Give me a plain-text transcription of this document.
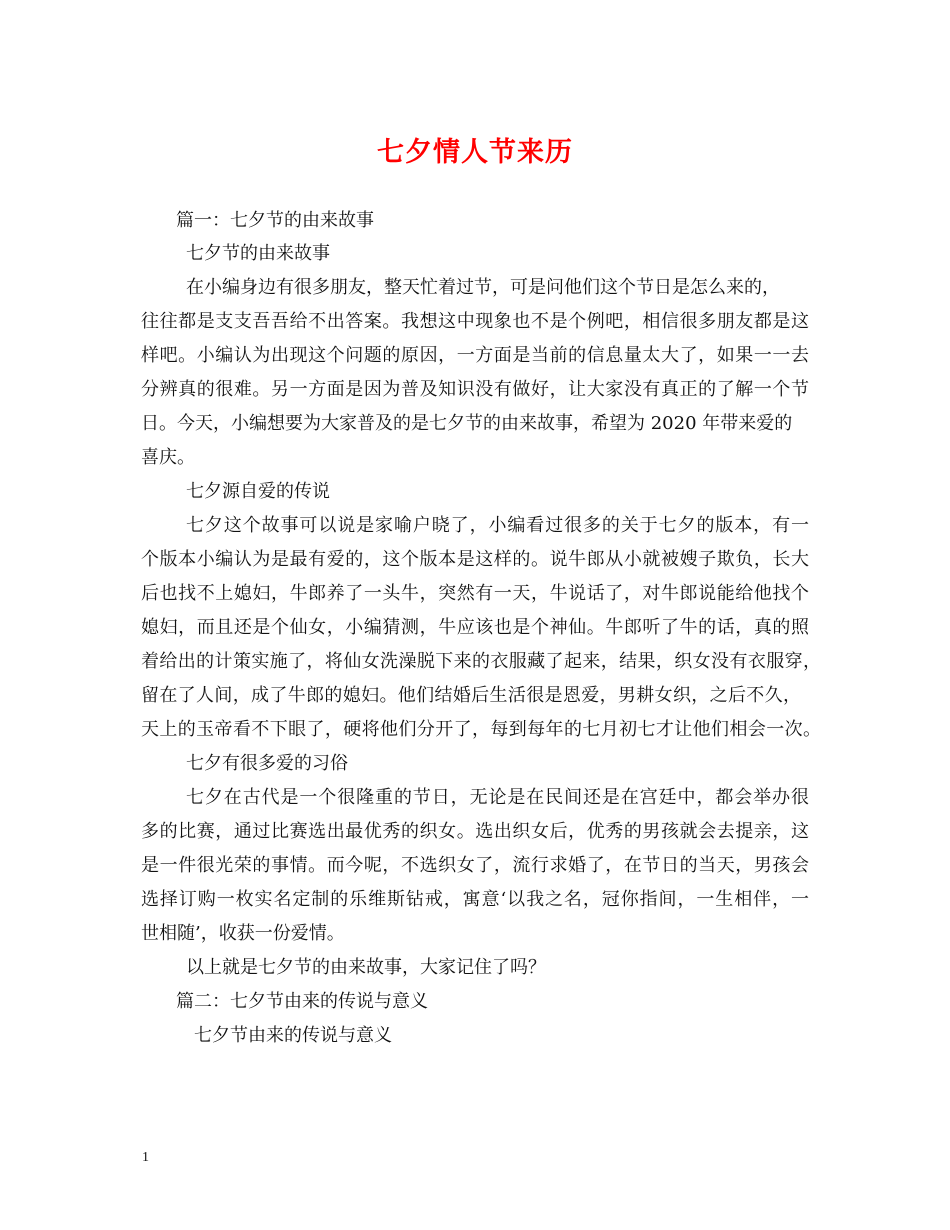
七夕情人节来历
篇一：七夕节的由来故事
七夕节的由来故事
在小编身边有很多朋友，整天忙着过节，可是问他们这个节日是怎么来的，
往往都是支支吾吾给不出答案。我想这中现象也不是个例吧，相信很多朋友都是这
样吧。小编认为出现这个问题的原因，一方面是当前的信息量太大了，如果一一去
分辨真的很难。另一方面是因为普及知识没有做好，让大家没有真正的了解一个节
日。今天，小编想要为大家普及的是七夕节的由来故事，希望为 2020 年带来爱的
喜庆。
七夕源自爱的传说
七夕这个故事可以说是家喻户晓了，小编看过很多的关于七夕的版本，有一
个版本小编认为是最有爱的，这个版本是这样的。说牛郎从小就被嫂子欺负，长大
后也找不上媳妇，牛郎养了一头牛，突然有一天，牛说话了，对牛郎说能给他找个
媳妇，而且还是个仙女，小编猜测，牛应该也是个神仙。牛郎听了牛的话，真的照
着给出的计策实施了，将仙女洗澡脱下来的衣服藏了起来，结果，织女没有衣服穿，
留在了人间，成了牛郎的媳妇。他们结婚后生活很是恩爱，男耕女织，之后不久，
天上的玉帝看不下眼了，硬将他们分开了，每到每年的七月初七才让他们相会一次。
七夕有很多爱的习俗
七夕在古代是一个很隆重的节日，无论是在民间还是在宫廷中，都会举办很
多的比赛，通过比赛选出最优秀的织女。选出织女后，优秀的男孩就会去提亲，这
是一件很光荣的事情。而今呢，不选织女了，流行求婚了，在节日的当天，男孩会
选择订购一枚实名定制的乐维斯钻戒，寓意‘以我之名，冠你指间，一生相伴，一
世相随’，收获一份爱情。
以上就是七夕节的由来故事，大家记住了吗？
篇二：七夕节由来的传说与意义
七夕节由来的传说与意义
1
